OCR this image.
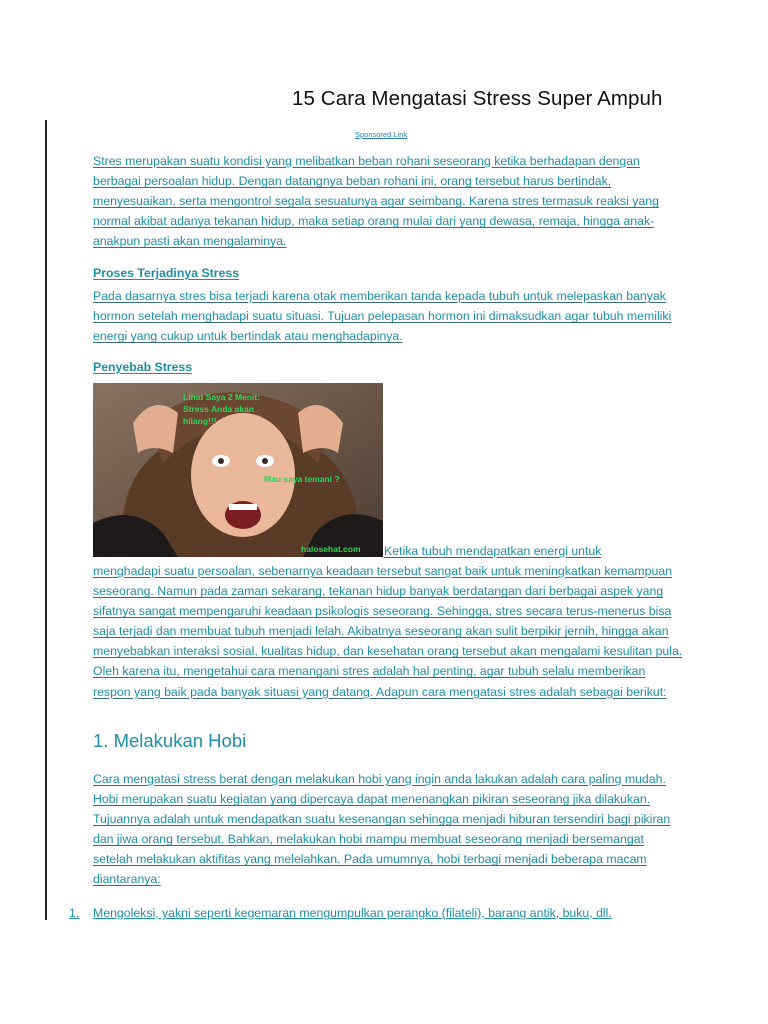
15 Cara Mengatasi Stress Super Ampuh
Sponsored Link
Stres merupakan suatu kondisi yang melibatkan beban rohani seseorang ketika berhadapan dengan berbagai persoalan hidup. Dengan datangnya beban rohani ini, orang tersebut harus bertindak, menyesuaikan, serta mengontrol segala sesuatunya agar seimbang. Karena stres termasuk reaksi yang normal akibat adanya tekanan hidup, maka setiap orang mulai dari yang dewasa, remaja, hingga anak-anakpun pasti akan mengalaminya.
Proses Terjadinya Stress
Pada dasarnya stres bisa terjadi karena otak memberikan tanda kepada tubuh untuk melepaskan banyak hormon setelah menghadapi suatu situasi. Tujuan pelepasan hormon ini dimaksudkan agar tubuh memiliki energi yang cukup untuk bertindak atau menghadapinya.
Penyebab Stress
Lihat Saya 2 Menit:
Stress Anda akan
hilang!!!
Mau saya temani ?
halosehat.com Ketika tubuh mendapatkan energi untuk
menghadapi suatu persoalan, sebenarnya keadaan tersebut sangat baik untuk meningkatkan kemampuan seseorang. Namun pada zaman sekarang, tekanan hidup banyak berdatangan dari berbagai aspek yang sifatnya sangat mempengaruhi keadaan psikologis seseorang. Sehingga, stres secara terus-menerus bisa saja terjadi dan membuat tubuh menjadi lelah. Akibatnya seseorang akan sulit berpikir jernih, hingga akan menyebabkan interaksi sosial, kualitas hidup, dan kesehatan orang tersebut akan mengalami kesulitan pula. Oleh karena itu, mengetahui cara menangani stres adalah hal penting, agar tubuh selalu memberikan respon yang baik pada banyak situasi yang datang. Adapun cara mengatasi stres adalah sebagai berikut:
1. Melakukan Hobi
Cara mengatasi stress berat dengan melakukan hobi yang ingin anda lakukan adalah cara paling mudah. Hobi merupakan suatu kegiatan yang dipercaya dapat menenangkan pikiran seseorang jika dilakukan. Tujuannya adalah untuk mendapatkan suatu kesenangan sehingga menjadi hiburan tersendiri bagi pikiran dan jiwa orang tersebut. Bahkan, melakukan hobi mampu membuat seseorang menjadi bersemangat setelah melakukan aktifitas yang melelahkan. Pada umumnya, hobi terbagi menjadi beberapa macam diantaranya:
1. Mengoleksi, yakni seperti kegemaran mengumpulkan perangko (filateli), barang antik, buku, dll.
